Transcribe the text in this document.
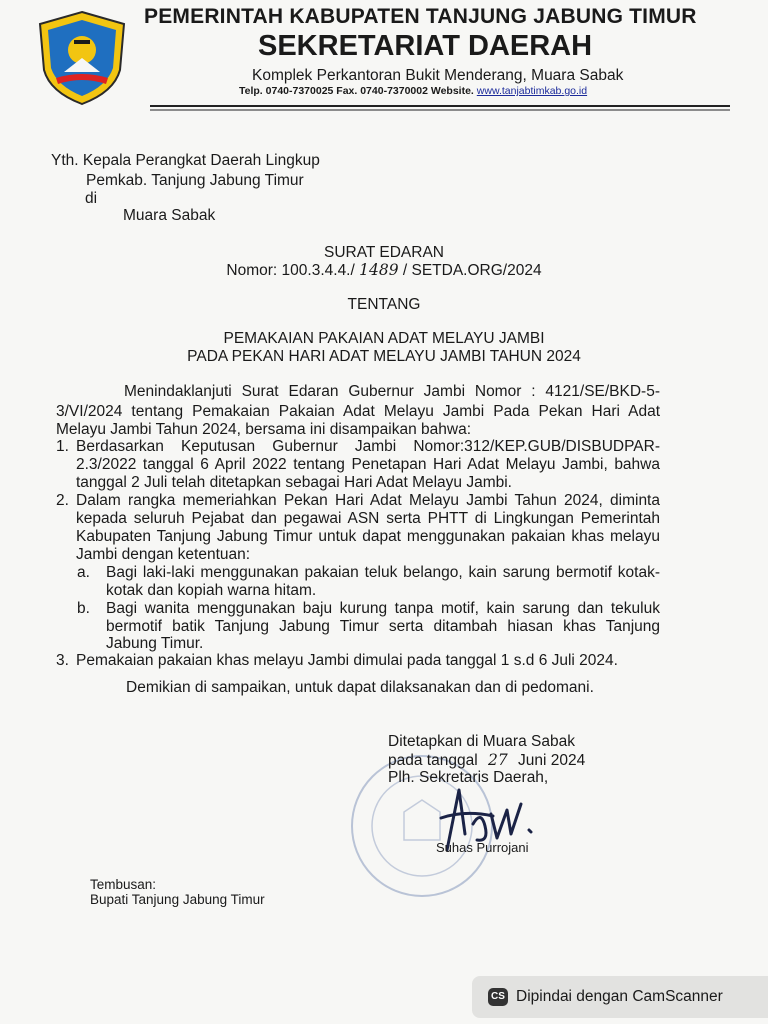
PEMERINTAH KABUPATEN TANJUNG JABUNG TIMUR
SEKRETARIAT DAERAH
Komplek Perkantoran Bukit Menderang, Muara Sabak
Telp. 0740-7370025 Fax. 0740-7370002 Website. www.tanjabtimkab.go.id
Yth. Kepala Perangkat Daerah Lingkup
Pemkab. Tanjung Jabung Timur
di
Muara Sabak
SURAT EDARAN
Nomor: 100.3.4.4./ 1489 / SETDA.ORG/2024
TENTANG
PEMAKAIAN PAKAIAN ADAT MELAYU JAMBI
PADA PEKAN HARI ADAT MELAYU JAMBI TAHUN 2024
Menindaklanjuti Surat Edaran Gubernur Jambi Nomor : 4121/SE/BKD-5-
3/VI/2024 tentang Pemakaian Pakaian Adat Melayu Jambi Pada Pekan Hari Adat
Melayu Jambi Tahun 2024, bersama ini disampaikan bahwa:
1. Berdasarkan Keputusan Gubernur Jambi Nomor:312/KEP.GUB/DISBUDPAR-
2.3/2022 tanggal 6 April 2022 tentang Penetapan Hari Adat Melayu Jambi, bahwa
tanggal 2 Juli telah ditetapkan sebagai Hari Adat Melayu Jambi.
2. Dalam rangka memeriahkan Pekan Hari Adat Melayu Jambi Tahun 2024, diminta
kepada seluruh Pejabat dan pegawai ASN serta PHTT di Lingkungan Pemerintah
Kabupaten Tanjung Jabung Timur untuk dapat menggunakan pakaian khas melayu
Jambi dengan ketentuan:
a. Bagi laki-laki menggunakan pakaian teluk belango, kain sarung bermotif kotak-
kotak dan kopiah warna hitam.
b. Bagi wanita menggunakan baju kurung tanpa motif, kain sarung dan tekuluk
bermotif batik Tanjung Jabung Timur serta ditambah hiasan khas Tanjung
Jabung Timur.
3. Pemakaian pakaian khas melayu Jambi dimulai pada tanggal 1 s.d 6 Juli 2024.
Demikian di sampaikan, untuk dapat dilaksanakan dan di pedomani.
Ditetapkan di Muara Sabak
pada tanggal 27 Juni 2024
Plh. Sekretaris Daerah,
Suhas Purrojani
Tembusan:
Bupati Tanjung Jabung Timur
CS Dipindai dengan CamScanner
